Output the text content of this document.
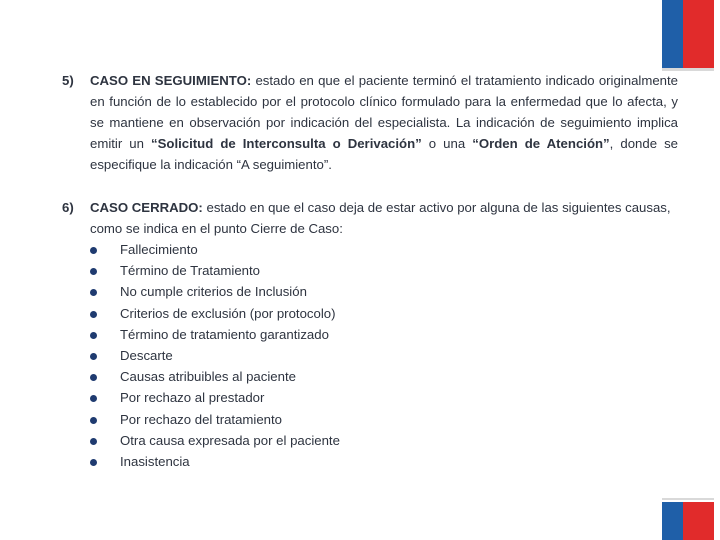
5) CASO EN SEGUIMIENTO: estado en que el paciente terminó el tratamiento indicado originalmente en función de lo establecido por el protocolo clínico formulado para la enfermedad que lo afecta, y se mantiene en observación por indicación del especialista. La indicación de seguimiento implica emitir un “Solicitud de Interconsulta o Derivación” o una “Orden de Atención”, donde se especifique la indicación “A seguimiento”.

6) CASO CERRADO: estado en que el caso deja de estar activo por alguna de las siguientes causas, como se indica en el punto Cierre de Caso:

Fallecimiento
Término de Tratamiento
No cumple criterios de Inclusión
Criterios de exclusión (por protocolo)
Término de tratamiento garantizado
Descarte
Causas atribuibles al paciente
Por rechazo al prestador
Por rechazo del tratamiento
Otra causa expresada por el paciente
Inasistencia
